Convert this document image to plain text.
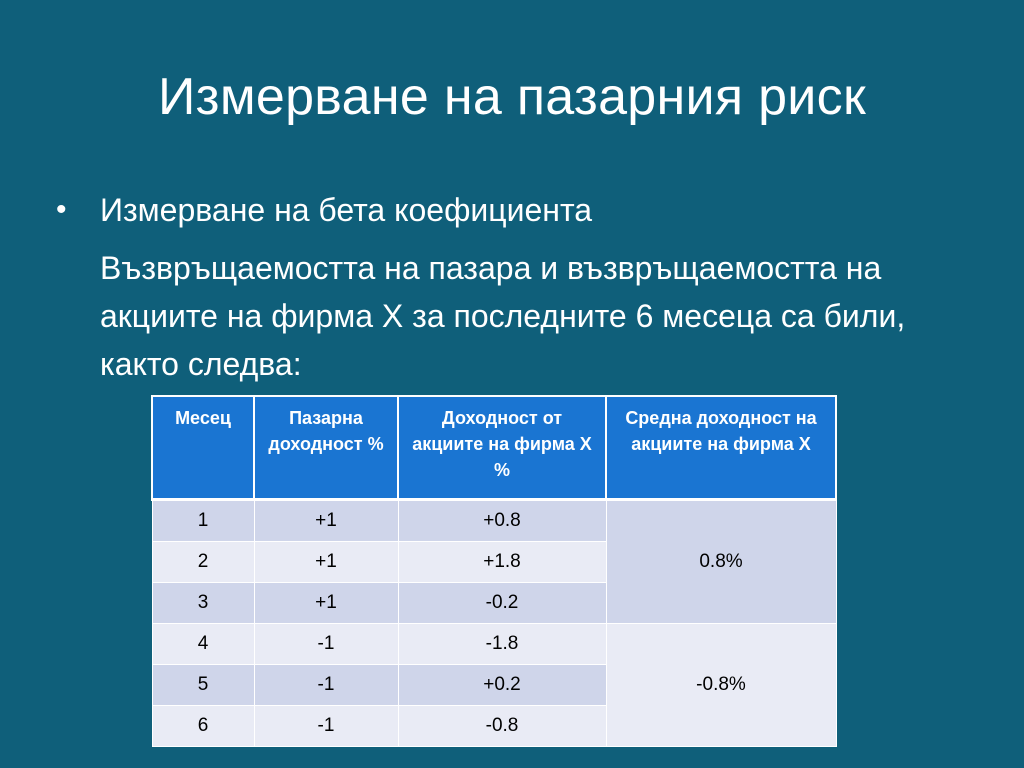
Измерване на пазарния риск
•	Измерване на бета коефициента
Възвръщаемостта на пазара и възвръщаемостта на акциите на фирма Х за последните 6 месеца са били, както следва:
Месец	Пазарна доходност %	Доходност от акциите на фирма Х %	Средна доходност на акциите на фирма Х
1	+1	+0.8	0.8%
2	+1	+1.8	
3	+1	-0.2	
4	-1	-1.8	-0.8%
5	-1	+0.2	
6	-1	-0.8	
